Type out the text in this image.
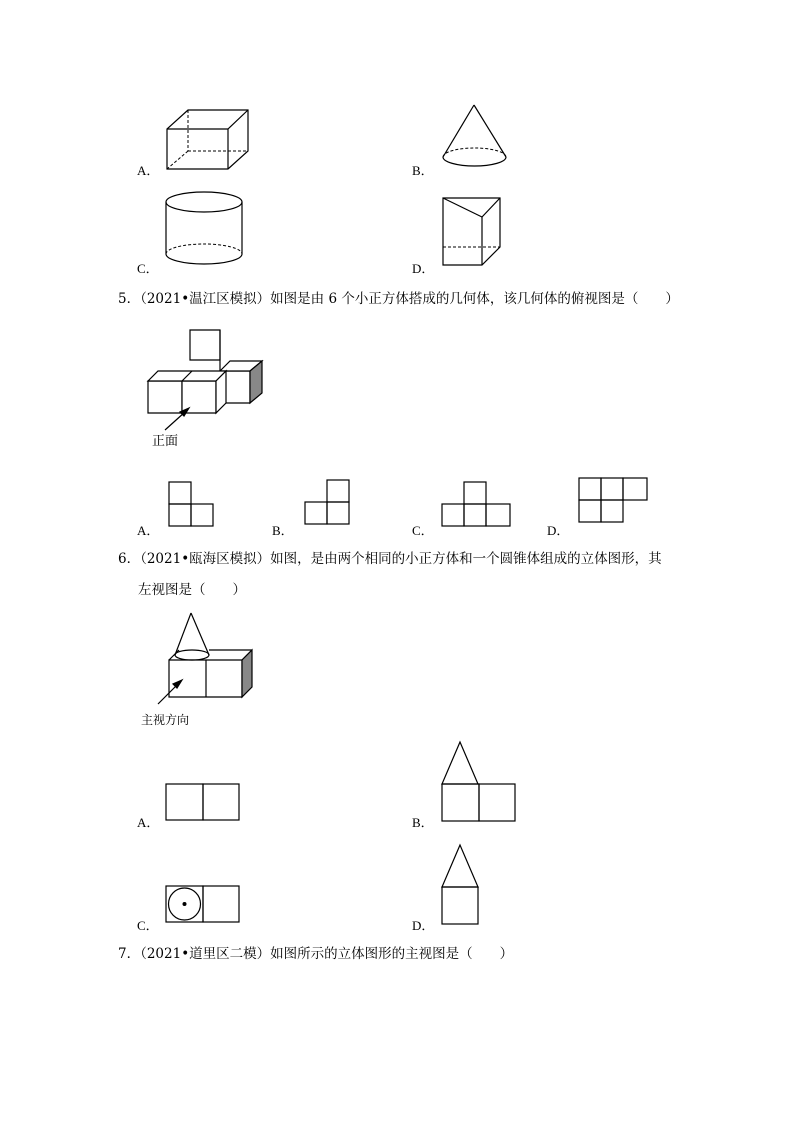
A．	B．
C．	D．
5．（2021•温江区模拟）如图是由 6 个小正方体搭成的几何体，该几何体的俯视图是（　　）
正面
A．	B．	C．	D．
6．（2021•瓯海区模拟）如图，是由两个相同的小正方体和一个圆锥体组成的立体图形，其
左视图是（　　）
主视方向
A．	B．
C．	D．
7．（2021•道里区二模）如图所示的立体图形的主视图是（　　）
